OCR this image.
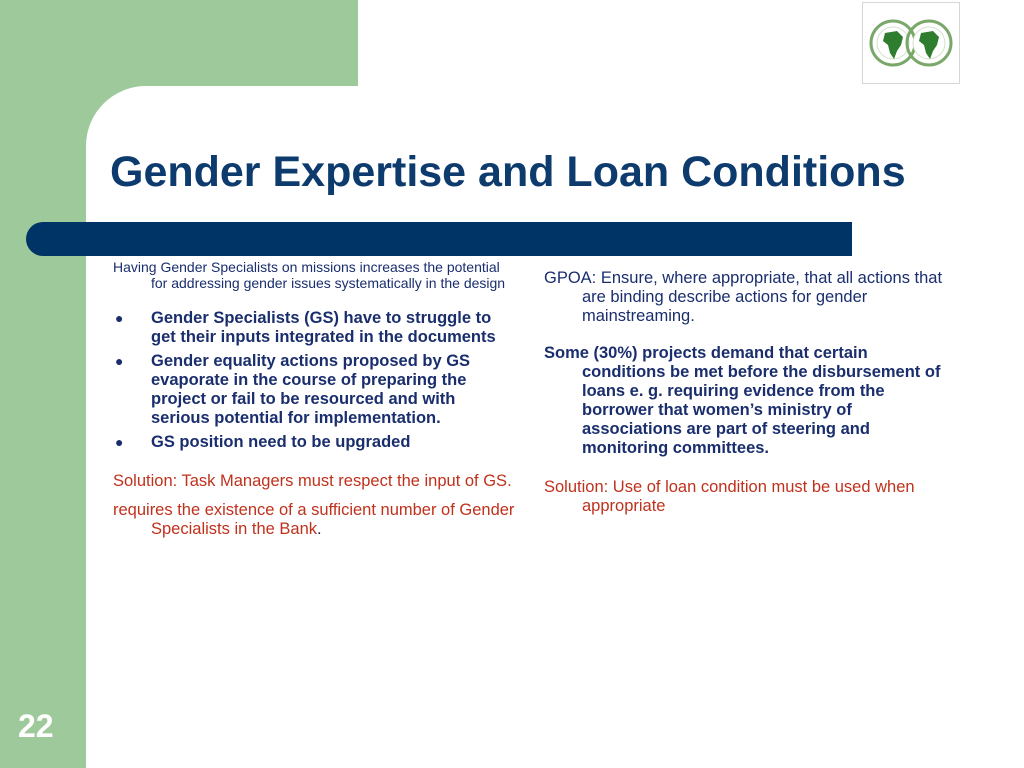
Gender Expertise and Loan Conditions

Having Gender Specialists on missions increases the potential for addressing gender issues systematically in the design

● Gender Specialists (GS) have to struggle to get their inputs integrated in the documents
● Gender equality actions proposed by GS evaporate in the course of preparing the project or fail to be resourced and with serious potential for implementation.
● GS position need to be upgraded

Solution: Task Managers must respect the input of GS.

requires the existence of a sufficient number of Gender Specialists in the Bank.

GPOA: Ensure, where appropriate, that all actions that are binding describe actions for gender mainstreaming.

Some (30%) projects demand that certain conditions be met before the disbursement of loans e. g. requiring evidence from the borrower that women’s ministry of associations are part of steering and monitoring committees.

Solution: Use of loan condition must be used when appropriate

22
